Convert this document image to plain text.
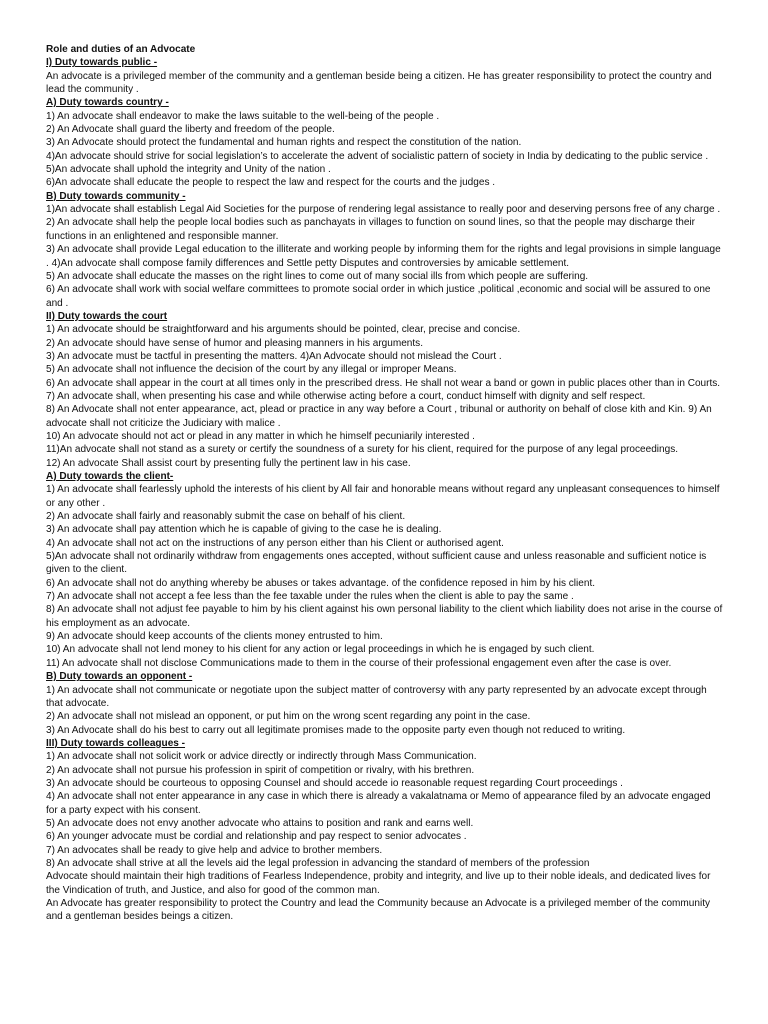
Role and duties of an Advocate
I) Duty towards public -
An advocate is a privileged member of the community and a gentleman beside being a citizen. He has greater responsibility to protect the country and lead the community .
A) Duty towards country -
1) An advocate shall endeavor to make the laws suitable to the well-being of the people .
2) An Advocate shall guard the liberty and freedom of the people.
3) An Advocate should protect the fundamental and human rights and respect the constitution of the nation.
4)An advocate should strive for social legislation’s to accelerate the advent of socialistic pattern of society in India by dedicating to the public service . 5)An advocate shall uphold the integrity and Unity of the nation .
6)An advocate shall educate the people to respect the law and respect for the courts and the judges .
B) Duty towards community -
1)An advocate shall establish Legal Aid Societies for the purpose of rendering legal assistance to really poor and deserving persons free of any charge .
2) An advocate shall help the people local bodies such as panchayats in villages to function on sound lines, so that the people may discharge their functions in an enlightened and responsible manner.
3) An advocate shall provide Legal education to the illiterate and working people by informing them for the rights and legal provisions in simple language . 4)An advocate shall compose family differences and Settle petty Disputes and controversies by amicable settlement.
5) An advocate shall educate the masses on the right lines to come out of many social ills from which people are suffering.
6) An advocate shall work with social welfare committees to promote social order in which justice ,political ,economic and social will be assured to one and .
II) Duty towards the court
1) An advocate should be straightforward and his arguments should be pointed, clear, precise and concise.
2) An advocate should have sense of humor and pleasing manners in his arguments.
3) An advocate must be tactful in presenting the matters. 4)An Advocate should not mislead the Court .
5) An advocate shall not influence the decision of the court by any illegal or improper Means.
6) An advocate shall appear in the court at all times only in the prescribed dress. He shall not wear a band or gown in public places other than in Courts.
7) An advocate shall, when presenting his case and while otherwise acting before a court, conduct himself with dignity and self respect.
8) An Advocate shall not enter appearance, act, plead or practice in any way before a Court , tribunal or authority on behalf of close kith and Kin. 9) An advocate shall not criticize the Judiciary with malice .
10) An advocate should not act or plead in any matter in which he himself pecuniarily interested .
11)An advocate shall not stand as a surety or certify the soundness of a surety for his client, required for the purpose of any legal proceedings.
12) An advocate Shall assist court by presenting fully the pertinent law in his case.
A) Duty towards the client-
1) An advocate shall fearlessly uphold the interests of his client by All fair and honorable means without regard any unpleasant consequences to himself or any other .
2) An advocate shall fairly and reasonably submit the case on behalf of his client.
3) An advocate shall pay attention which he is capable of giving to the case he is dealing.
4) An advocate shall not act on the instructions of any person either than his Client or authorised agent.
5)An advocate shall not ordinarily withdraw from engagements ones accepted, without sufficient cause and unless reasonable and sufficient notice is given to the client.
6) An advocate shall not do anything whereby be abuses or takes advantage. of the confidence reposed in him by his client.
7) An advocate shall not accept a fee less than the fee taxable under the rules when the client is able to pay the same .
8) An advocate shall not adjust fee payable to him by his client against his own personal liability to the client which liability does not arise in the course of his employment as an advocate.
9) An advocate should keep accounts of the clients money entrusted to him.
10) An advocate shall not lend money to his client for any action or legal proceedings in which he is engaged by such client.
11) An advocate shall not disclose Communications made to them in the course of their professional engagement even after the case is over.
B) Duty towards an opponent -
1) An advocate shall not communicate or negotiate upon the subject matter of controversy with any party represented by an advocate except through that advocate.
2) An advocate shall not mislead an opponent, or put him on the wrong scent regarding any point in the case.
3) An Advocate shall do his best to carry out all legitimate promises made to the opposite party even though not reduced to writing.
III) Duty towards colleagues -
1) An advocate shall not solicit work or advice directly or indirectly through Mass Communication.
2) An advocate shall not pursue his profession in spirit of competition or rivalry, with his brethren.
3) An advocate should be courteous to opposing Counsel and should accede io reasonable request regarding Court proceedings .
4) An advocate shall not enter appearance in any case in which there is already a vakalatnama or Memo of appearance filed by an advocate engaged for a party expect with his consent.
5) An advocate does not envy another advocate who attains to position and rank and earns well.
6) An younger advocate must be cordial and relationship and pay respect to senior advocates .
7) An advocates shall be ready to give help and advice to brother members.
8) An advocate shall strive at all the levels aid the legal profession in advancing the standard of members of the profession
Advocate should maintain their high traditions of Fearless Independence, probity and integrity, and live up to their noble ideals, and dedicated lives for the Vindication of truth, and Justice, and also for good of the common man.
An Advocate has greater responsibility to protect the Country and lead the Community because an Advocate is a privileged member of the community and a gentleman besides beings a citizen.
